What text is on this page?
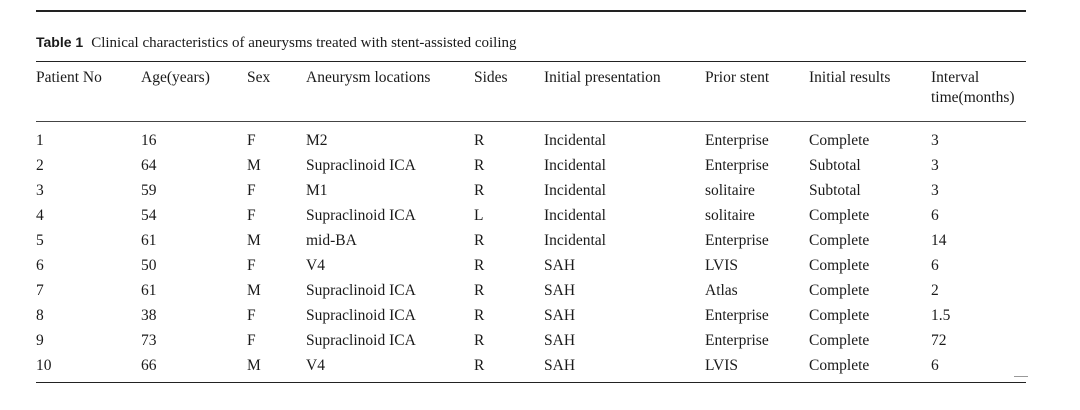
Table 1 Clinical characteristics of aneurysms treated with stent-assisted coiling
Patient No	Age(years)	Sex	Aneurysm locations	Sides	Initial presentation	Prior stent	Initial results	Interval time(months)
1	16	F	M2	R	Incidental	Enterprise	Complete	3
2	64	M	Supraclinoid ICA	R	Incidental	Enterprise	Subtotal	3
3	59	F	M1	R	Incidental	solitaire	Subtotal	3
4	54	F	Supraclinoid ICA	L	Incidental	solitaire	Complete	6
5	61	M	mid-BA	R	Incidental	Enterprise	Complete	14
6	50	F	V4	R	SAH	LVIS	Complete	6
7	61	M	Supraclinoid ICA	R	SAH	Atlas	Complete	2
8	38	F	Supraclinoid ICA	R	SAH	Enterprise	Complete	1.5
9	73	F	Supraclinoid ICA	R	SAH	Enterprise	Complete	72
10	66	M	V4	R	SAH	LVIS	Complete	6
